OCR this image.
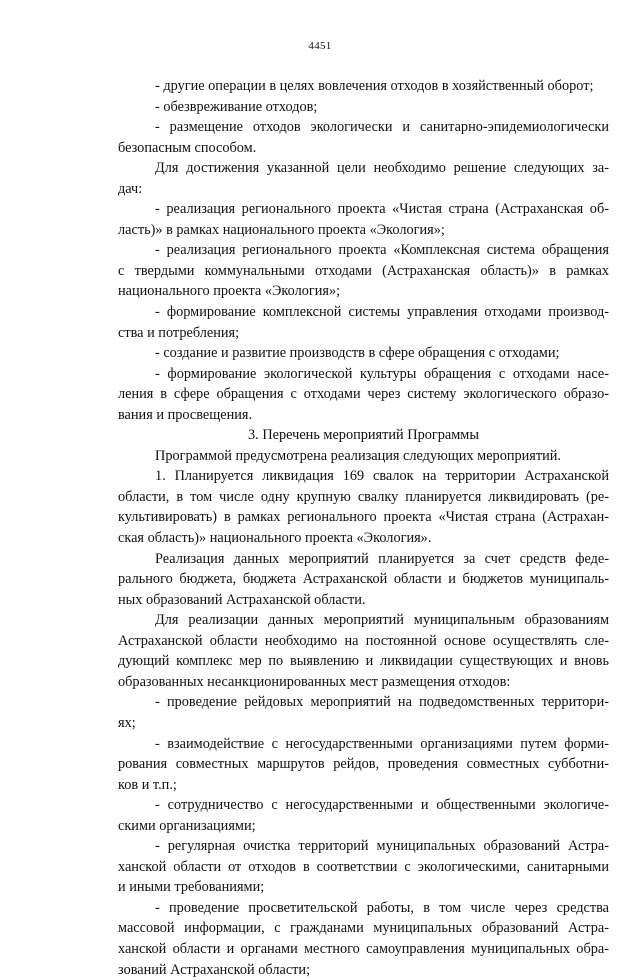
4451
- другие операции в целях вовлечения отходов в хозяйственный оборот;
- обезвреживание отходов;
- размещение отходов экологически и санитарно-эпидемиологически
безопасным способом.
Для достижения указанной цели необходимо решение следующих за-
дач:
- реализация регионального проекта «Чистая страна (Астраханская об-
ласть)» в рамках национального проекта «Экология»;
- реализация регионального проекта «Комплексная система обращения
с твердыми коммунальными отходами (Астраханская область)» в рамках
национального проекта «Экология»;
- формирование комплексной системы управления отходами производ-
ства и потребления;
- создание и развитие производств в сфере обращения с отходами;
- формирование экологической культуры обращения с отходами насе-
ления в сфере обращения с отходами через систему экологического образо-
вания и просвещения.
3. Перечень мероприятий Программы
Программой предусмотрена реализация следующих мероприятий.
1. Планируется ликвидация 169 свалок на территории Астраханской
области, в том числе одну крупную свалку планируется ликвидировать (ре-
культивировать) в рамках регионального проекта «Чистая страна (Астрахан-
ская область)» национального проекта «Экология».
Реализация данных мероприятий планируется за счет средств феде-
рального бюджета, бюджета Астраханской области и бюджетов муниципаль-
ных образований Астраханской области.
Для реализации данных мероприятий муниципальным образованиям
Астраханской области необходимо на постоянной основе осуществлять сле-
дующий комплекс мер по выявлению и ликвидации существующих и вновь
образованных несанкционированных мест размещения отходов:
- проведение рейдовых мероприятий на подведомственных территори-
ях;
- взаимодействие с негосударственными организациями путем форми-
рования совместных маршрутов рейдов, проведения совместных субботни-
ков и т.п.;
- сотрудничество с негосударственными и общественными экологиче-
скими организациями;
- регулярная очистка территорий муниципальных образований Астра-
ханской области от отходов в соответствии с экологическими, санитарными
и иными требованиями;
- проведение просветительской работы, в том числе через средства
массовой информации, с гражданами муниципальных образований Астра-
ханской области и органами местного самоуправления муниципальных обра-
зований Астраханской области;
